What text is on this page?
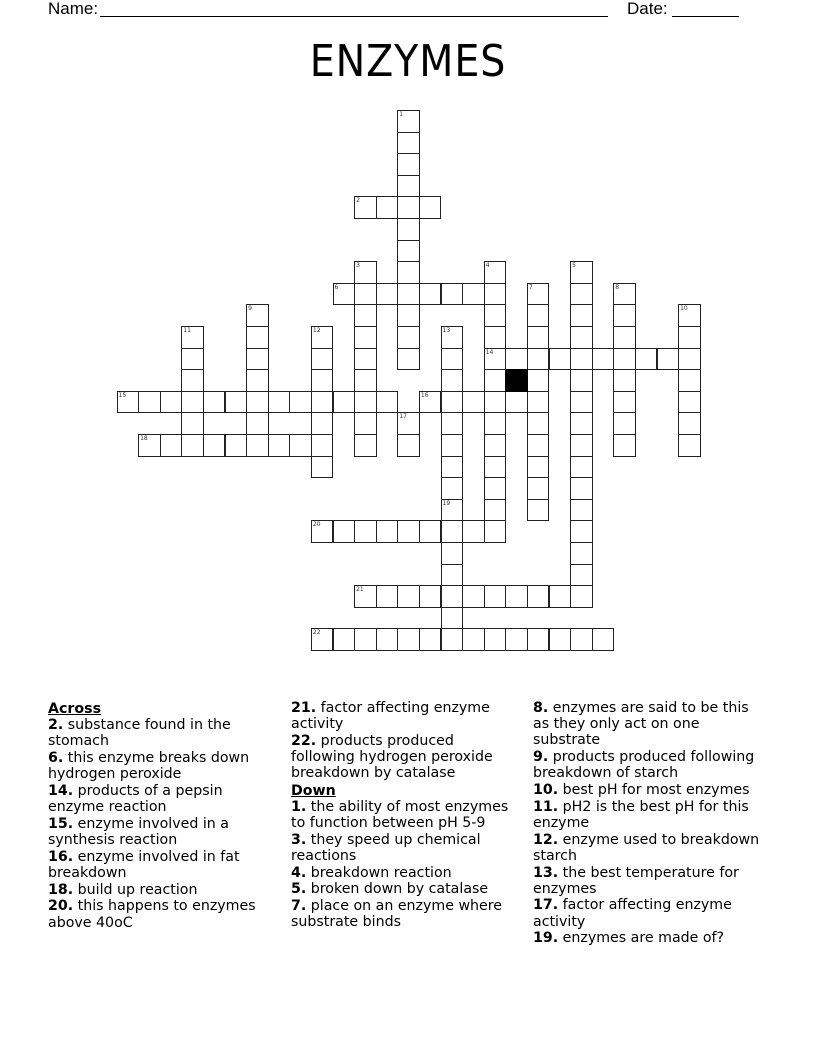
Name:	Date:
ENZYMES
1
2
3	4
14
5
6	7	8
9	10
11	12	13
15	16
17
18
19
20
21
22
Across
2. substance found in the stomach
6. this enzyme breaks down hydrogen peroxide
14. products of a pepsin enzyme reaction
15. enzyme involved in a synthesis reaction
16. enzyme involved in fat breakdown
18. build up reaction
20. this happens to enzymes above 40oC
21. factor affecting enzyme activity
22. products produced following hydrogen peroxide breakdown by catalase
Down
1. the ability of most enzymes to function between pH 5-9
3. they speed up chemical reactions
4. breakdown reaction
5. broken down by catalase
7. place on an enzyme where substrate binds
8. enzymes are said to be this as they only act on one substrate
9. products produced following breakdown of starch
10. best pH for most enzymes
11. pH2 is the best pH for this enzyme
12. enzyme used to breakdown starch
13. the best temperature for enzymes
17. factor affecting enzyme activity
19. enzymes are made of?
